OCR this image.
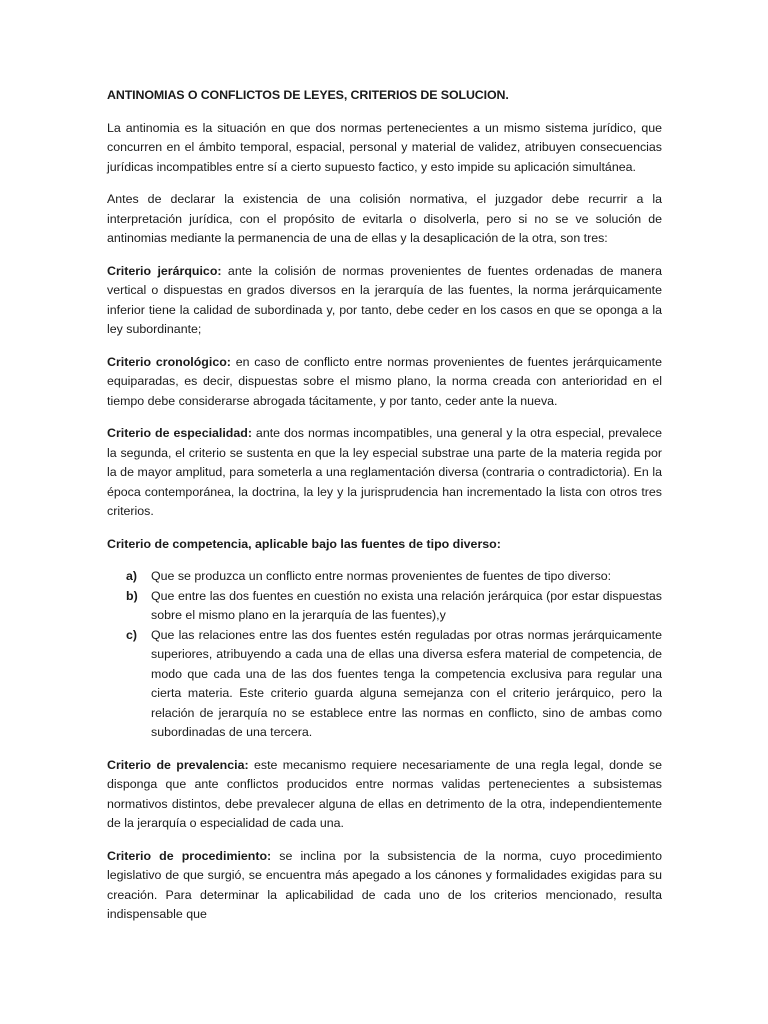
ANTINOMIAS O CONFLICTOS DE LEYES, CRITERIOS DE SOLUCION.

La antinomia es la situación en que dos normas pertenecientes a un mismo sistema jurídico, que concurren en el ámbito temporal, espacial, personal y material de validez, atribuyen consecuencias jurídicas incompatibles entre sí a cierto supuesto factico, y esto impide su aplicación simultánea.

Antes de declarar la existencia de una colisión normativa, el juzgador debe recurrir a la interpretación jurídica, con el propósito de evitarla o disolverla, pero si no se ve solución de antinomias mediante la permanencia de una de ellas y la desaplicación de la otra, son tres:

Criterio jerárquico: ante la colisión de normas provenientes de fuentes ordenadas de manera vertical o dispuestas en grados diversos en la jerarquía de las fuentes, la norma jerárquicamente inferior tiene la calidad de subordinada y, por tanto, debe ceder en los casos en que se oponga a la ley subordinante;

Criterio cronológico: en caso de conflicto entre normas provenientes de fuentes jerárquicamente equiparadas, es decir, dispuestas sobre el mismo plano, la norma creada con anterioridad en el tiempo debe considerarse abrogada tácitamente, y por tanto, ceder ante la nueva.

Criterio de especialidad: ante dos normas incompatibles, una general y la otra especial, prevalece la segunda, el criterio se sustenta en que la ley especial substrae una parte de la materia regida por la de mayor amplitud, para someterla a una reglamentación diversa (contraria o contradictoria). En la época contemporánea, la doctrina, la ley y la jurisprudencia han incrementado la lista con otros tres criterios.

Criterio de competencia, aplicable bajo las fuentes de tipo diverso:
a)	Que se produzca un conflicto entre normas provenientes de fuentes de tipo diverso:
b)	Que entre las dos fuentes en cuestión no exista una relación jerárquica (por estar dispuestas sobre el mismo plano en la jerarquía de las fuentes),y
c)	Que las relaciones entre las dos fuentes estén reguladas por otras normas jerárquicamente superiores, atribuyendo a cada una de ellas una diversa esfera material de competencia, de modo que cada una de las dos fuentes tenga la competencia exclusiva para regular una cierta materia. Este criterio guarda alguna semejanza con el criterio jerárquico, pero la relación de jerarquía no se establece entre las normas en conflicto, sino de ambas como subordinadas de una tercera.

Criterio de prevalencia: este mecanismo requiere necesariamente de una regla legal, donde se disponga que ante conflictos producidos entre normas validas pertenecientes a subsistemas normativos distintos, debe prevalecer alguna de ellas en detrimento de la otra, independientemente de la jerarquía o especialidad de cada una.

Criterio de procedimiento: se inclina por la subsistencia de la norma, cuyo procedimiento legislativo de que surgió, se encuentra más apegado a los cánones y formalidades exigidas para su creación. Para determinar la aplicabilidad de cada uno de los criterios mencionado, resulta indispensable que
